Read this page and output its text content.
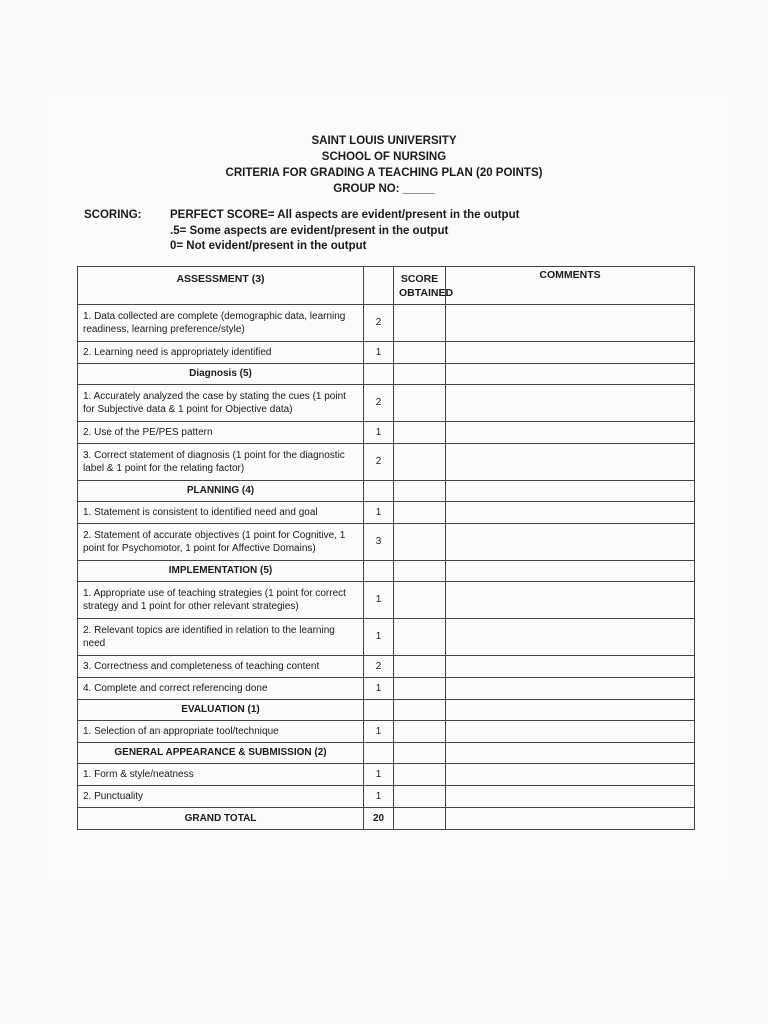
SAINT LOUIS UNIVERSITY
SCHOOL OF NURSING
CRITERIA FOR GRADING A TEACHING PLAN (20 POINTS)
GROUP NO: _____
SCORING: PERFECT SCORE= All aspects are evident/present in the output
.5= Some aspects are evident/present in the output
0= Not evident/present in the output
ASSESSMENT (3)		SCORE OBTAINED	COMMENTS
1. Data collected are complete (demographic data, learning readiness, learning preference/style)	2		
2. Learning need is appropriately identified	1		
Diagnosis (5)			
1. Accurately analyzed the case by stating the cues (1 point for Subjective data & 1 point for Objective data)	2		
2. Use of the PE/PES pattern	1		
3. Correct statement of diagnosis (1 point for the diagnostic label & 1 point for the relating factor)	2		
PLANNING (4)			
1. Statement is consistent to identified need and goal	1		
2. Statement of accurate objectives (1 point for Cognitive, 1 point for Psychomotor, 1 point for Affective Domains)	3		
IMPLEMENTATION (5)			
1. Appropriate use of teaching strategies (1 point for correct strategy and 1 point for other relevant strategies)	1		
2. Relevant topics are identified in relation to the learning need	1		
3. Correctness and completeness of teaching content	2		
4. Complete and correct referencing done	1		
EVALUATION (1)			
1. Selection of an appropriate tool/technique	1		
GENERAL APPEARANCE & SUBMISSION (2)			
1. Form & style/neatness	1		
2. Punctuality	1		
GRAND TOTAL	20		
